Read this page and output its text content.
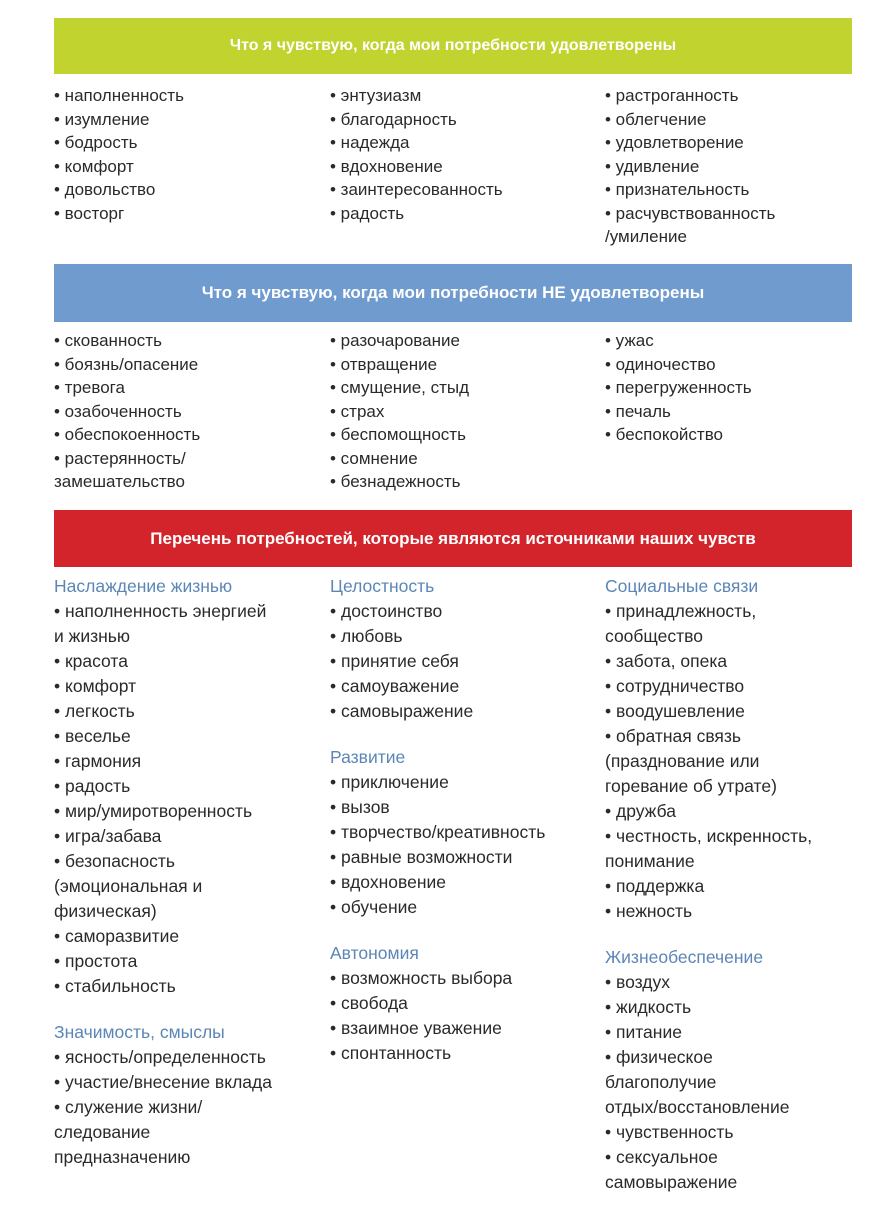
Что я чувствую, когда мои потребности удовлетворены
• наполненность
• изумление
• бодрость
• комфорт
• довольство
• восторг
• энтузиазм
• благодарность
• надежда
• вдохновение
• заинтересованность
• радость
• растроганность
• облегчение
• удовлетворение
• удивление
• признательность
• расчувствованность
/умиление
Что я чувствую, когда мои потребности НЕ удовлетворены
• скованность
• боязнь/опасение
• тревога
• озабоченность
• обеспокоенность
• растерянность/
замешательство
• разочарование
• отвращение
• смущение, стыд
• страх
• беспомощность
• сомнение
• безнадежность
• ужас
• одиночество
• перегруженность
• печаль
• беспокойство
Перечень потребностей, которые являются источниками наших чувств
Наслаждение жизнью
• наполненность энергией
и жизнью
• красота
• комфорт
• легкость
• веселье
• гармония
• радость
• мир/умиротворенность
• игра/забава
• безопасность
(эмоциональная и
физическая)
• саморазвитие
• простота
• стабильность
Значимость, смыслы
• ясность/определенность
• участие/внесение вклада
• служение жизни/
следование
предназначению
Целостность
• достоинство
• любовь
• принятие себя
• самоуважение
• самовыражение
Развитие
• приключение
• вызов
• творчество/креативность
• равные возможности
• вдохновение
• обучение
Автономия
• возможность выбора
• свобода
• взаимное уважение
• спонтанность
Социальные связи
• принадлежность,
сообщество
• забота, опека
• сотрудничество
• воодушевление
• обратная связь
(празднование или
горевание об утрате)
• дружба
• честность, искренность,
понимание
• поддержка
• нежность
Жизнеобеспечение
• воздух
• жидкость
• питание
• физическое
благополучие
отдых/восстановление
• чувственность
• сексуальное
самовыражение
